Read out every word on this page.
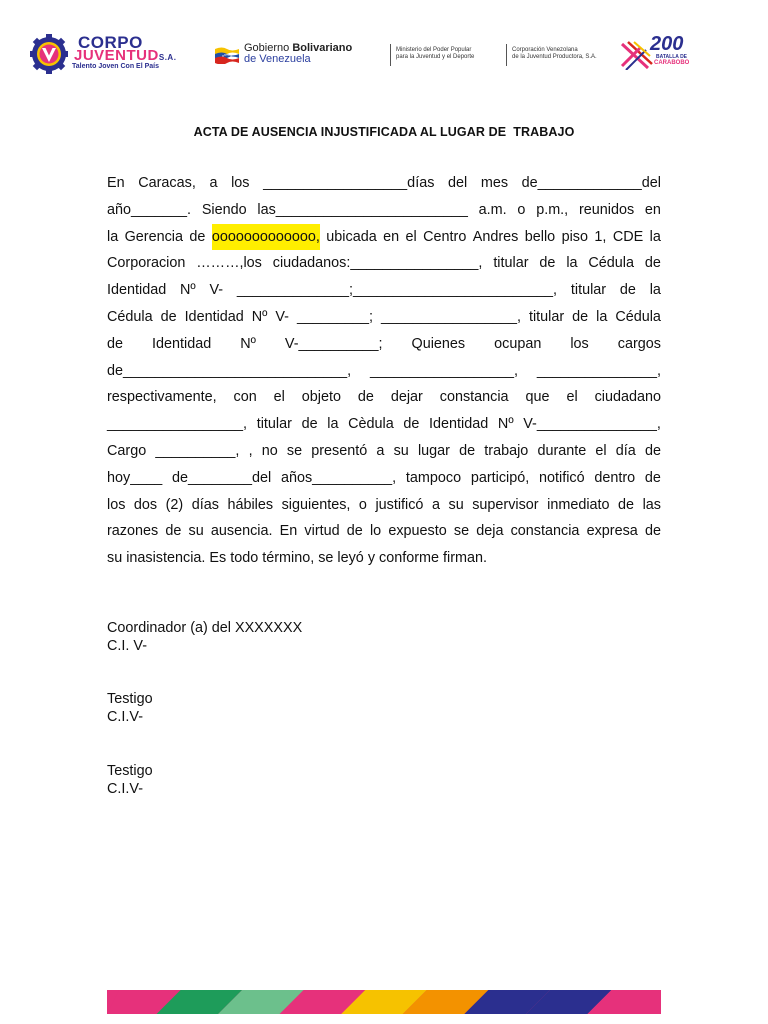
CORPO
JUVENTUDS.A.
Talento Joven Con El País
Gobierno Bolivariano
de Venezuela
Ministerio del Poder Popular
para la Juventud y el Deporte
Corporación Venezolana
de la Juventud Productora, S.A.
200
BATALLA DE
CARABOBO
ACTA DE AUSENCIA INJUSTIFICADA AL LUGAR DE  TRABAJO
En Caracas, a los __________________días del mes de_____________del
año_______. Siendo las________________________ a.m. o p.m., reunidos en
la Gerencia de ooooooooooooo, ubicada en el Centro Andres bello piso 1, CDE la
Corporacion ………,los ciudadanos:________________, titular de la Cédula de
Identidad Nº V- ______________;_________________________, titular de la
Cédula de Identidad Nº V- _________; _________________, titular de la Cédula
de Identidad Nº V-__________; Quienes ocupan los cargos
de____________________________, __________________, _______________,
respectivamente, con el objeto de dejar constancia que el ciudadano
_________________, titular de la Cèdula de Identidad Nº V-_______________,
Cargo __________, , no se presentó a su lugar de trabajo durante el día de
hoy____ de________del años__________, tampoco participó, notificó dentro de
los dos (2) días hábiles siguientes, o justificó a su supervisor inmediato de las
razones de su ausencia. En virtud de lo expuesto se deja constancia expresa de
su inasistencia. Es todo término, se leyó y conforme firman.
Coordinador (a) del XXXXXXX
C.I. V-
Testigo
C.I.V-
Testigo
C.I.V-
